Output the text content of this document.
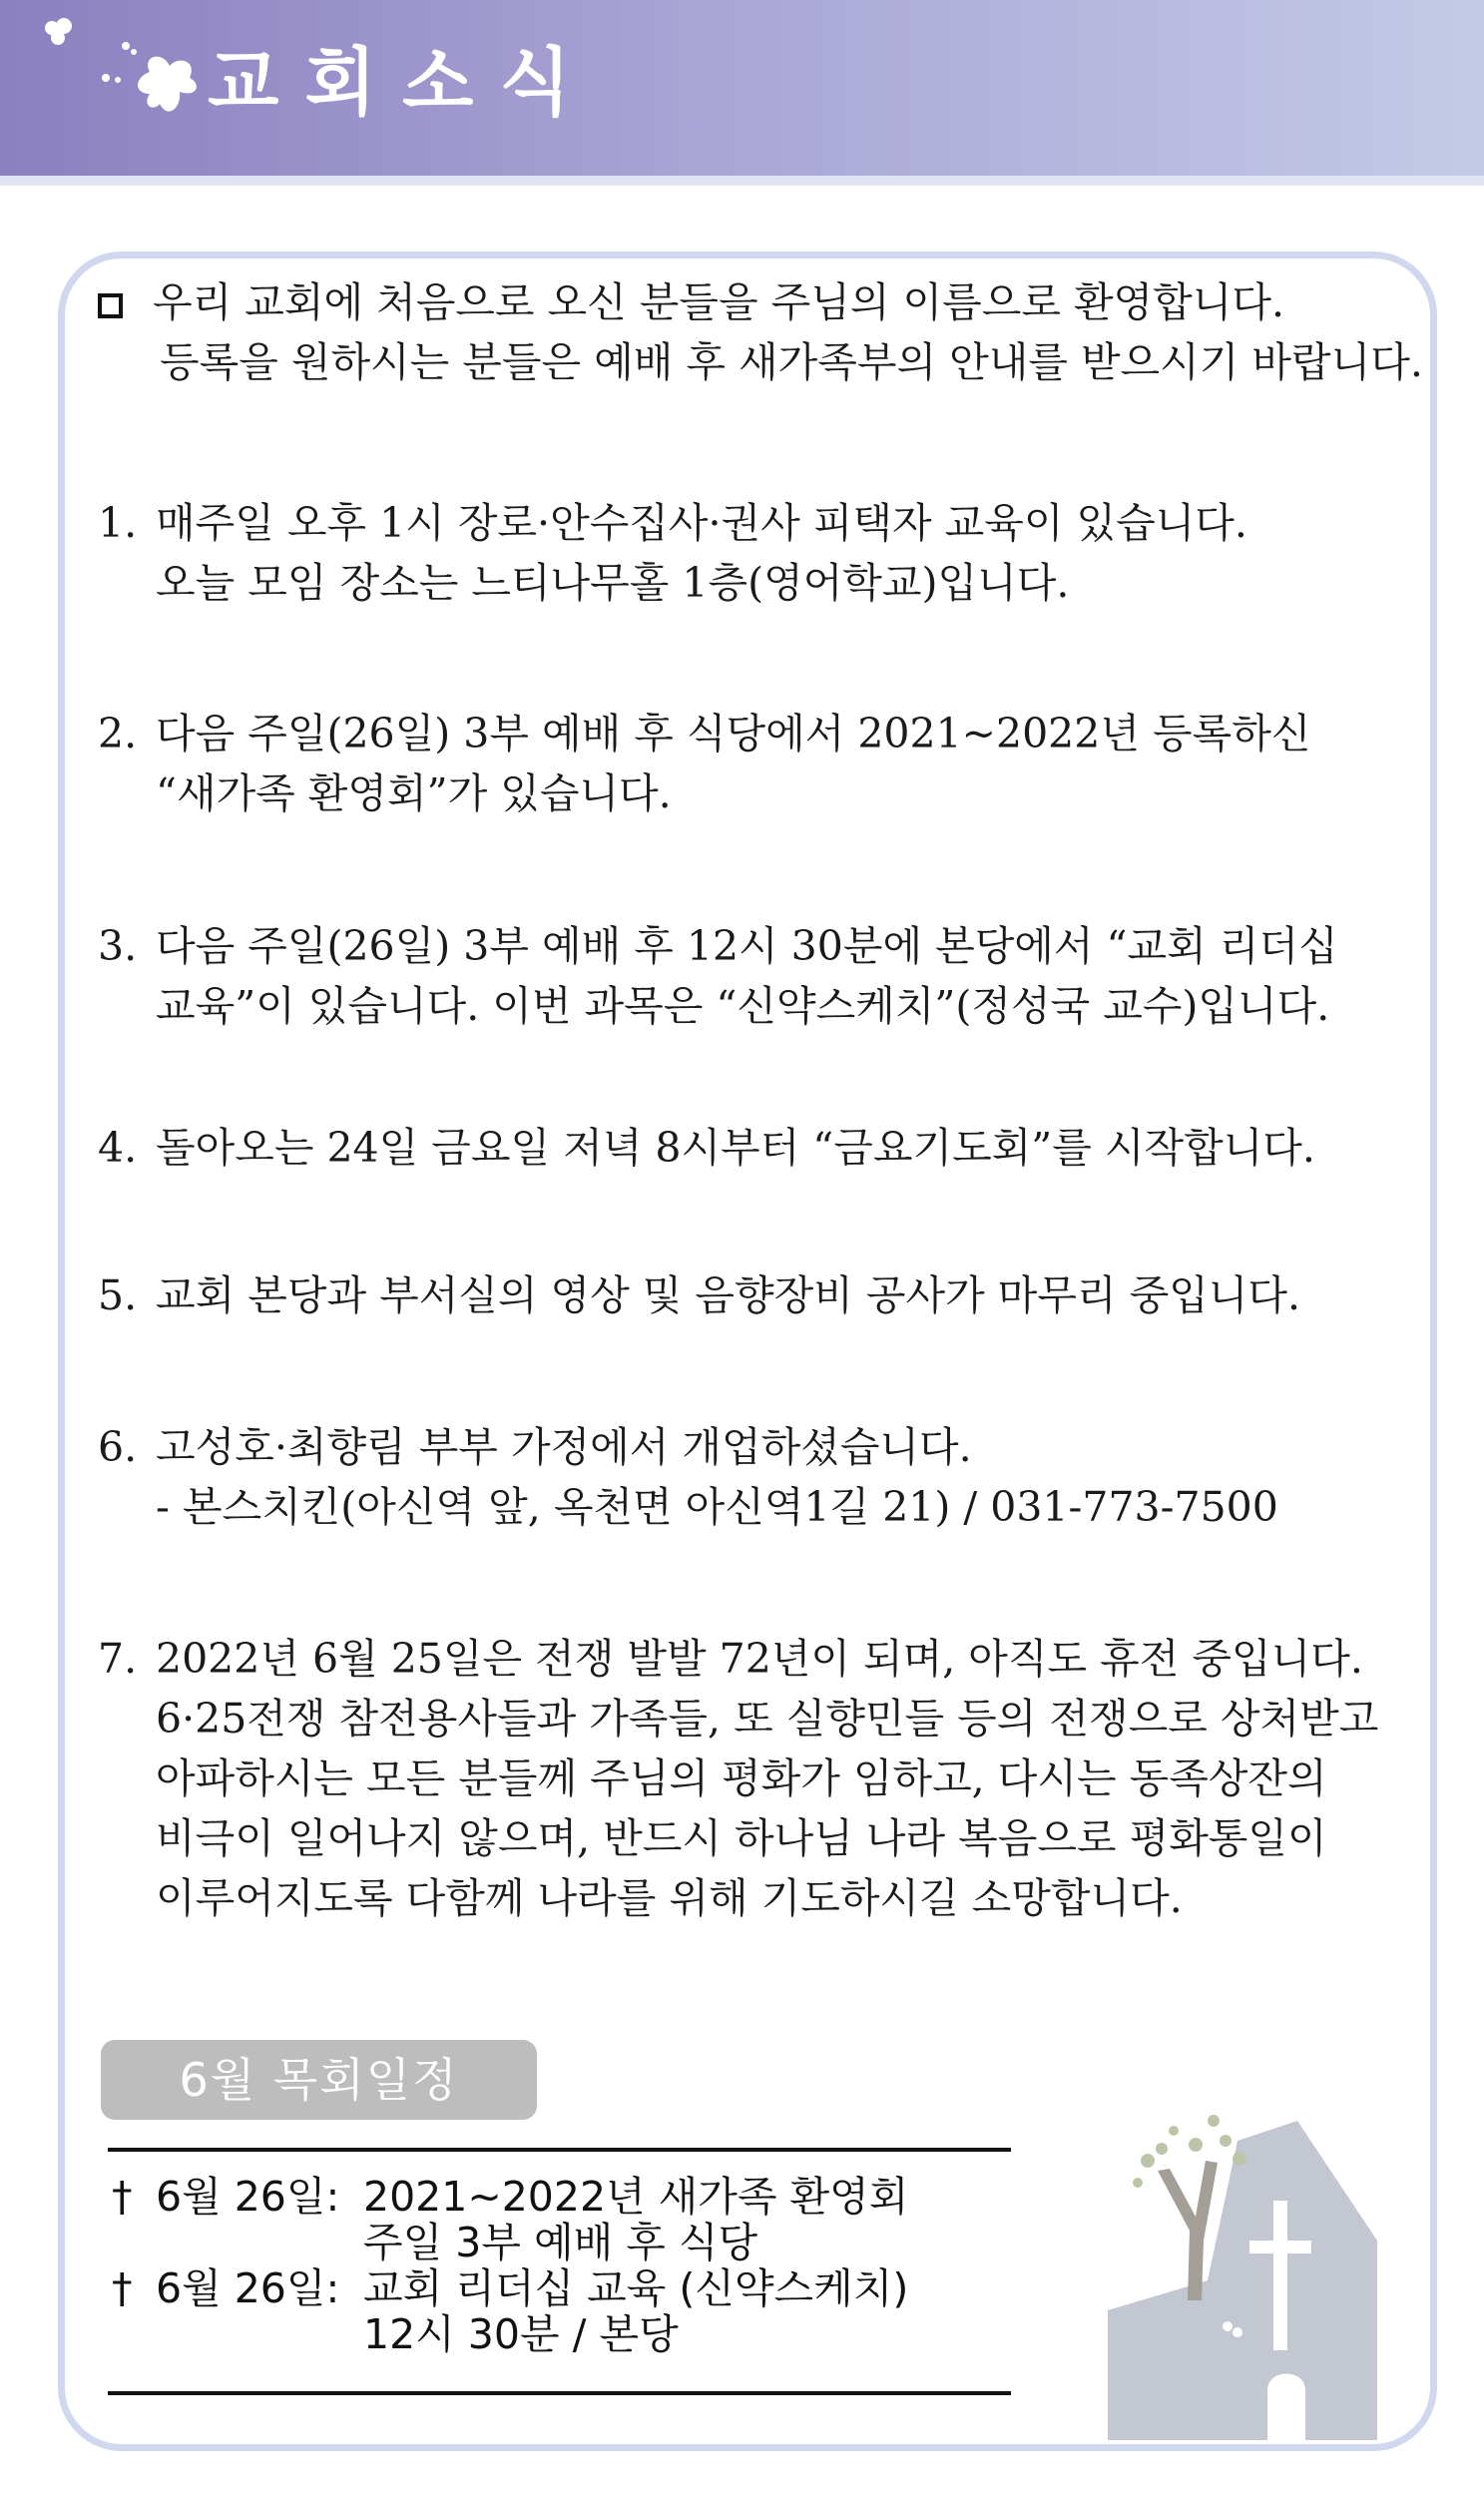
교회소식
우리 교회에 처음으로 오신 분들을 주님의 이름으로 환영합니다.
등록을 원하시는 분들은 예배 후 새가족부의 안내를 받으시기 바랍니다.
1. 매주일 오후 1시 장로·안수집사·권사 피택자 교육이 있습니다.
오늘 모임 장소는 느티나무홀 1층(영어학교)입니다.
2. 다음 주일(26일) 3부 예배 후 식당에서 2021~2022년 등록하신
“새가족 환영회”가 있습니다.
3. 다음 주일(26일) 3부 예배 후 12시 30분에 본당에서 “교회 리더십
교육”이 있습니다. 이번 과목은 “신약스케치”(정성국 교수)입니다.
4. 돌아오는 24일 금요일 저녁 8시부터 “금요기도회”를 시작합니다.
5. 교회 본당과 부서실의 영상 및 음향장비 공사가 마무리 중입니다.
6. 고성호·최향림 부부 가정에서 개업하셨습니다.
- 본스치킨(아신역 앞, 옥천면 아신역1길 21) / 031-773-7500
7. 2022년 6월 25일은 전쟁 발발 72년이 되며, 아직도 휴전 중입니다.
6·25전쟁 참전용사들과 가족들, 또 실향민들 등의 전쟁으로 상처받고
아파하시는 모든 분들께 주님의 평화가 임하고, 다시는 동족상잔의
비극이 일어나지 않으며, 반드시 하나님 나라 복음으로 평화통일이
이루어지도록 다함께 나라를 위해 기도하시길 소망합니다.
6월 목회일정
† 6월 26일: 2021~2022년 새가족 환영회
주일 3부 예배 후 식당
† 6월 26일: 교회 리더십 교육 (신약스케치)
12시 30분 / 본당
